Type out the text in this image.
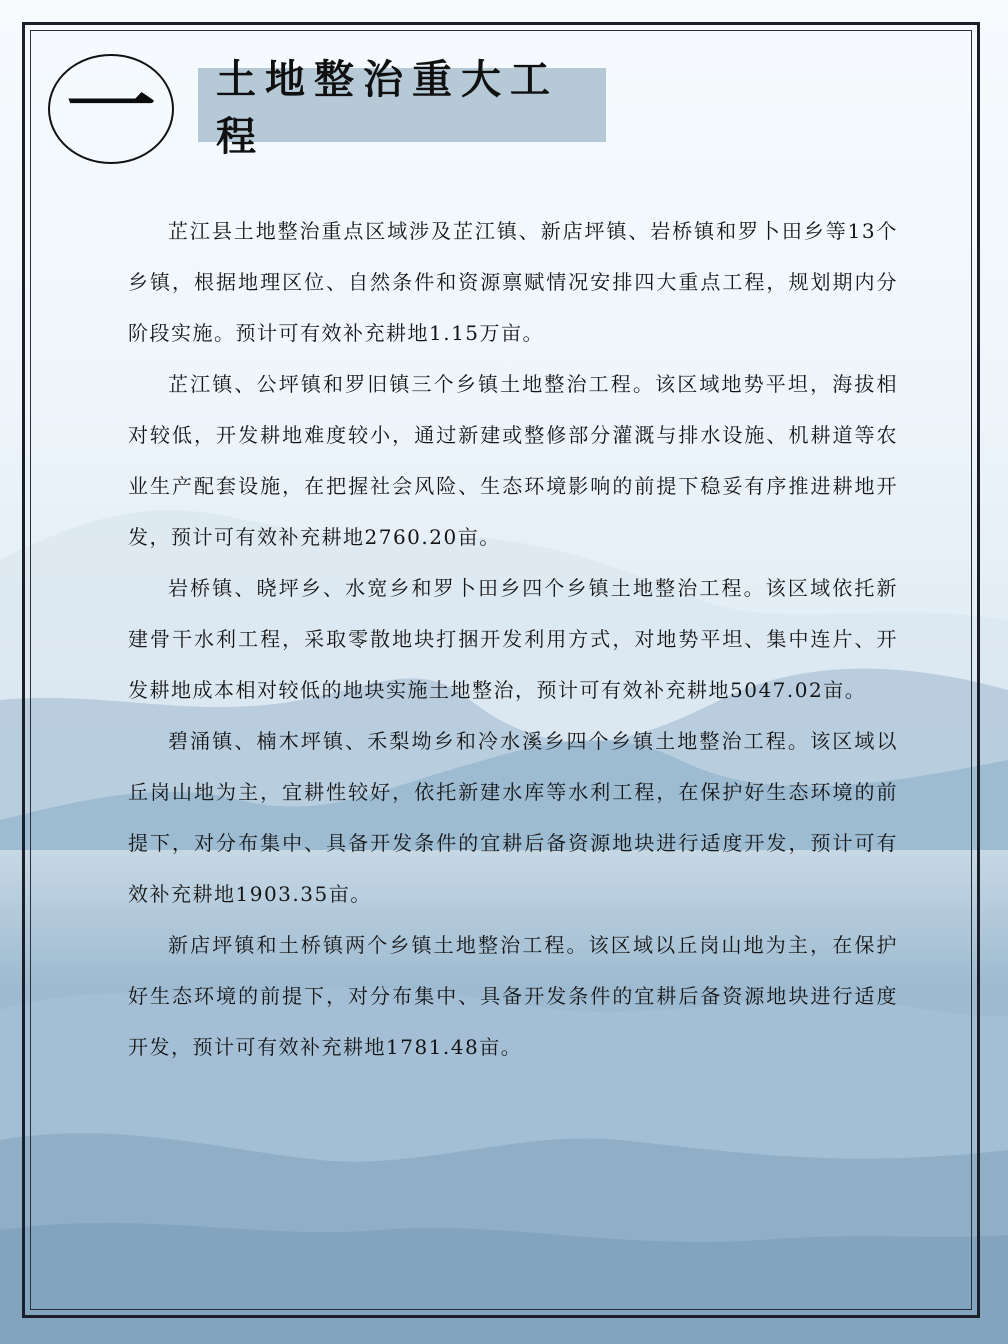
一 土地整治重大工程

芷江县土地整治重点区域涉及芷江镇、新店坪镇、岩桥镇和罗卜田乡等13个乡镇，根据地理区位、自然条件和资源禀赋情况安排四大重点工程，规划期内分阶段实施。预计可有效补充耕地1.15万亩。

芷江镇、公坪镇和罗旧镇三个乡镇土地整治工程。该区域地势平坦，海拔相对较低，开发耕地难度较小，通过新建或整修部分灌溉与排水设施、机耕道等农业生产配套设施，在把握社会风险、生态环境影响的前提下稳妥有序推进耕地开发，预计可有效补充耕地2760.20亩。

岩桥镇、晓坪乡、水宽乡和罗卜田乡四个乡镇土地整治工程。该区域依托新建骨干水利工程，采取零散地块打捆开发利用方式，对地势平坦、集中连片、开发耕地成本相对较低的地块实施土地整治，预计可有效补充耕地5047.02亩。

碧涌镇、楠木坪镇、禾梨坳乡和冷水溪乡四个乡镇土地整治工程。该区域以丘岗山地为主，宜耕性较好，依托新建水库等水利工程，在保护好生态环境的前提下，对分布集中、具备开发条件的宜耕后备资源地块进行适度开发，预计可有效补充耕地1903.35亩。

新店坪镇和土桥镇两个乡镇土地整治工程。该区域以丘岗山地为主，在保护好生态环境的前提下，对分布集中、具备开发条件的宜耕后备资源地块进行适度开发，预计可有效补充耕地1781.48亩。
